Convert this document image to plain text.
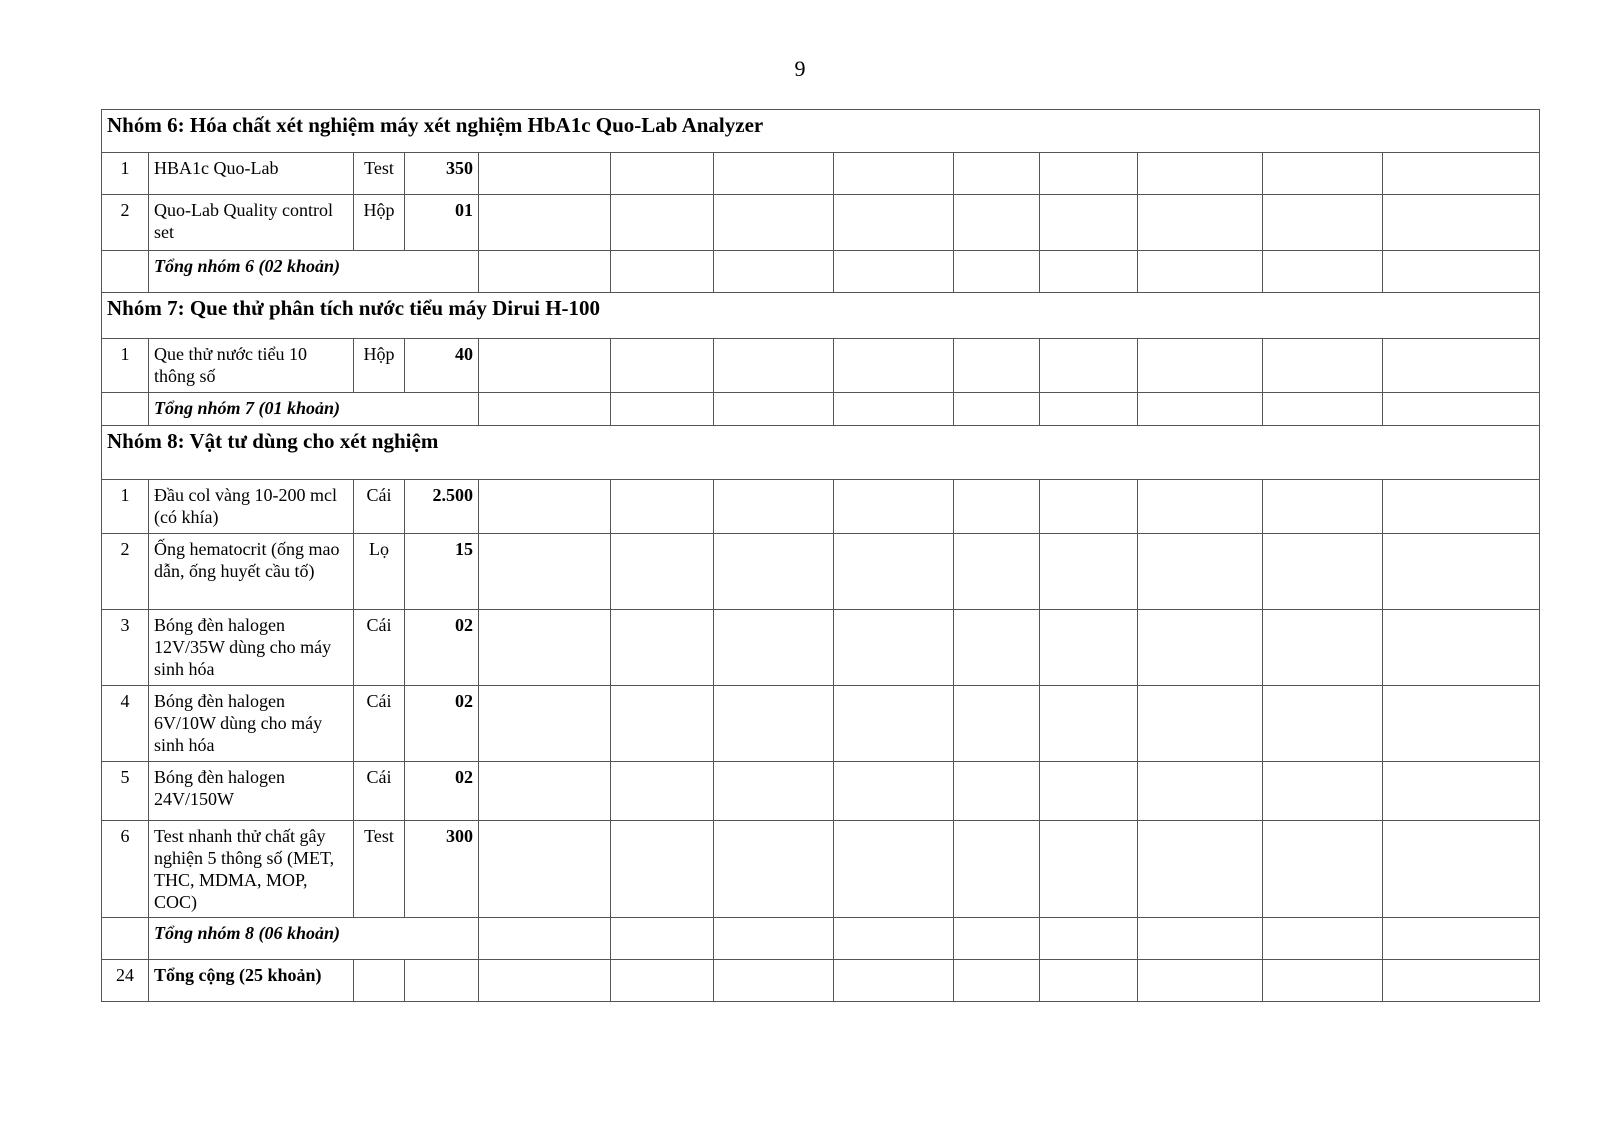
9
Nhóm 6: Hóa chất xét nghiệm máy xét nghiệm HbA1c Quo-Lab Analyzer												
1	HBA1c Quo-Lab	Test	350									
2	Quo-Lab Quality control set	Hộp	01									
	Tổng nhóm 6 (02 khoản)											
Nhóm 7: Que thử phân tích nước tiểu máy Dirui H-100												
1	Que thử nước tiểu 10 thông số	Hộp	40									
	Tổng nhóm 7 (01 khoản)											
Nhóm 8: Vật tư dùng cho xét nghiệm												
1	Đầu col vàng 10-200 mcl (có khía)	Cái	2.500									
2	Ống hematocrit (ống mao dẫn, ống huyết cầu tố)	Lọ	15									
3	Bóng đèn halogen 12V/35W dùng cho máy sinh hóa	Cái	02									
4	Bóng đèn halogen 6V/10W dùng cho máy sinh hóa	Cái	02									
5	Bóng đèn halogen 24V/150W	Cái	02									
6	Test nhanh thử chất gây nghiện 5 thông số (MET, THC, MDMA, MOP, COC)	Test	300									
	Tổng nhóm 8 (06 khoản)											
24	Tổng cộng (25 khoản)											
